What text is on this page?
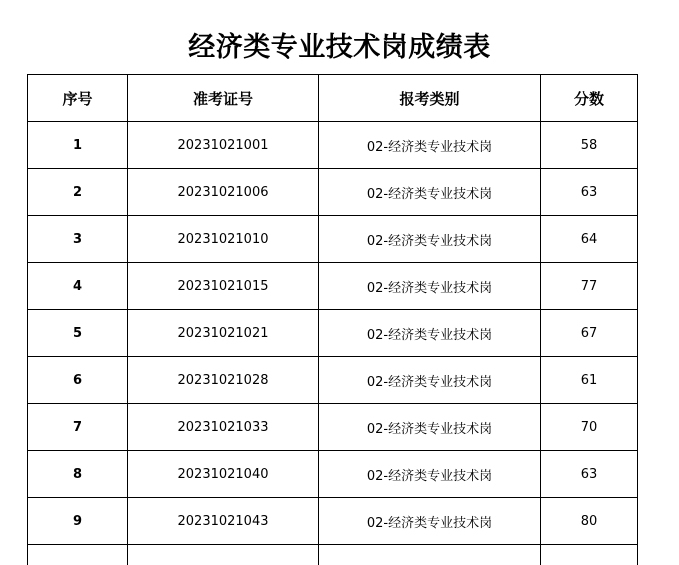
经济类专业技术岗成绩表
序号	准考证号	报考类别	分数
1	20231021001	02-经济类专业技术岗	58
2	20231021006	02-经济类专业技术岗	63
3	20231021010	02-经济类专业技术岗	64
4	20231021015	02-经济类专业技术岗	77
5	20231021021	02-经济类专业技术岗	67
6	20231021028	02-经济类专业技术岗	61
7	20231021033	02-经济类专业技术岗	70
8	20231021040	02-经济类专业技术岗	63
9	20231021043	02-经济类专业技术岗	80
